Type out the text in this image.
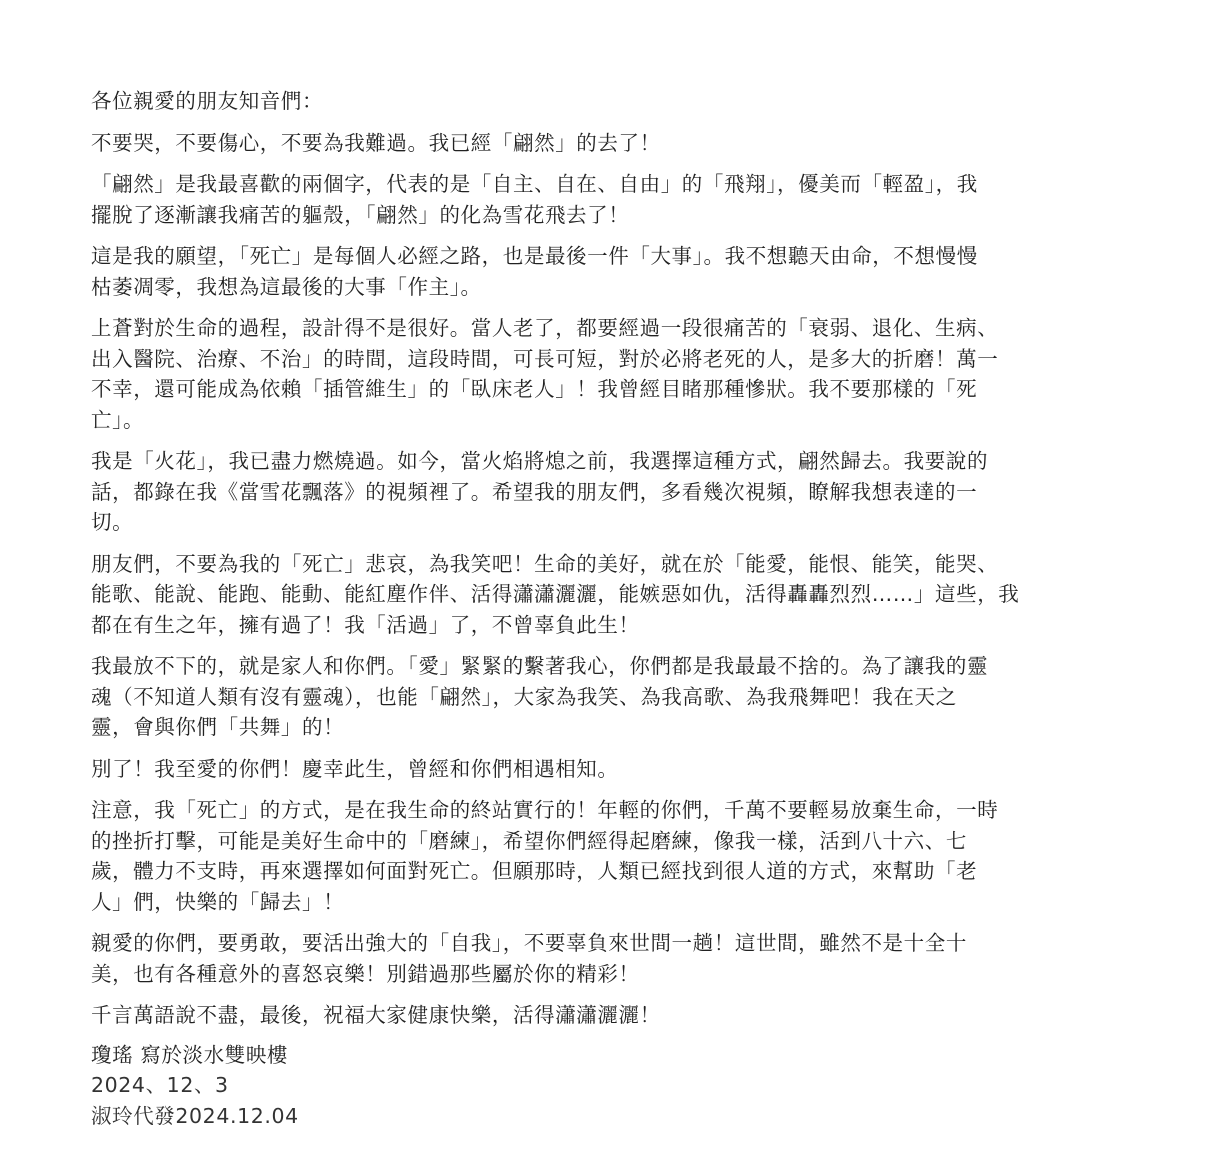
各位親愛的朋友知音們：

不要哭，不要傷心，不要為我難過。我已經「翩然」的去了！

「翩然」是我最喜歡的兩個字，代表的是「自主、自在、自由」的「飛翔」，優美而「輕盈」，我
擺脫了逐漸讓我痛苦的軀殼，「翩然」的化為雪花飛去了！

這是我的願望，「死亡」是每個人必經之路，也是最後一件「大事」。我不想聽天由命，不想慢慢
枯萎凋零，我想為這最後的大事「作主」。

上蒼對於生命的過程，設計得不是很好。當人老了，都要經過一段很痛苦的「衰弱、退化、生病、
出入醫院、治療、不治」的時間，這段時間，可長可短，對於必將老死的人，是多大的折磨！萬一
不幸，還可能成為依賴「插管維生」的「臥床老人」！我曾經目睹那種慘狀。我不要那樣的「死
亡」。

我是「火花」，我已盡力燃燒過。如今，當火焰將熄之前，我選擇這種方式，翩然歸去。我要說的
話，都錄在我《當雪花飄落》的視頻裡了。希望我的朋友們，多看幾次視頻，瞭解我想表達的一
切。

朋友們，不要為我的「死亡」悲哀，為我笑吧！生命的美好，就在於「能愛，能恨、能笑，能哭、
能歌、能說、能跑、能動、能紅塵作伴、活得瀟瀟灑灑，能嫉惡如仇，活得轟轟烈烈……」這些，我
都在有生之年，擁有過了！我「活過」了，不曾辜負此生！

我最放不下的，就是家人和你們。「愛」緊緊的繫著我心，你們都是我最最不捨的。為了讓我的靈
魂（不知道人類有沒有靈魂），也能「翩然」，大家為我笑、為我高歌、為我飛舞吧！我在天之
靈，會與你們「共舞」的！

別了！我至愛的你們！慶幸此生，曾經和你們相遇相知。

注意，我「死亡」的方式，是在我生命的終站實行的！年輕的你們，千萬不要輕易放棄生命，一時
的挫折打擊，可能是美好生命中的「磨練」，希望你們經得起磨練，像我一樣，活到八十六、七
歲，體力不支時，再來選擇如何面對死亡。但願那時，人類已經找到很人道的方式，來幫助「老
人」們，快樂的「歸去」！

親愛的你們，要勇敢，要活出強大的「自我」，不要辜負來世間一趟！這世間，雖然不是十全十
美，也有各種意外的喜怒哀樂！別錯過那些屬於你的精彩！

千言萬語說不盡，最後，祝福大家健康快樂，活得瀟瀟灑灑！

瓊瑤 寫於淡水雙映樓
2024、12、3
淑玲代發2024.12.04
